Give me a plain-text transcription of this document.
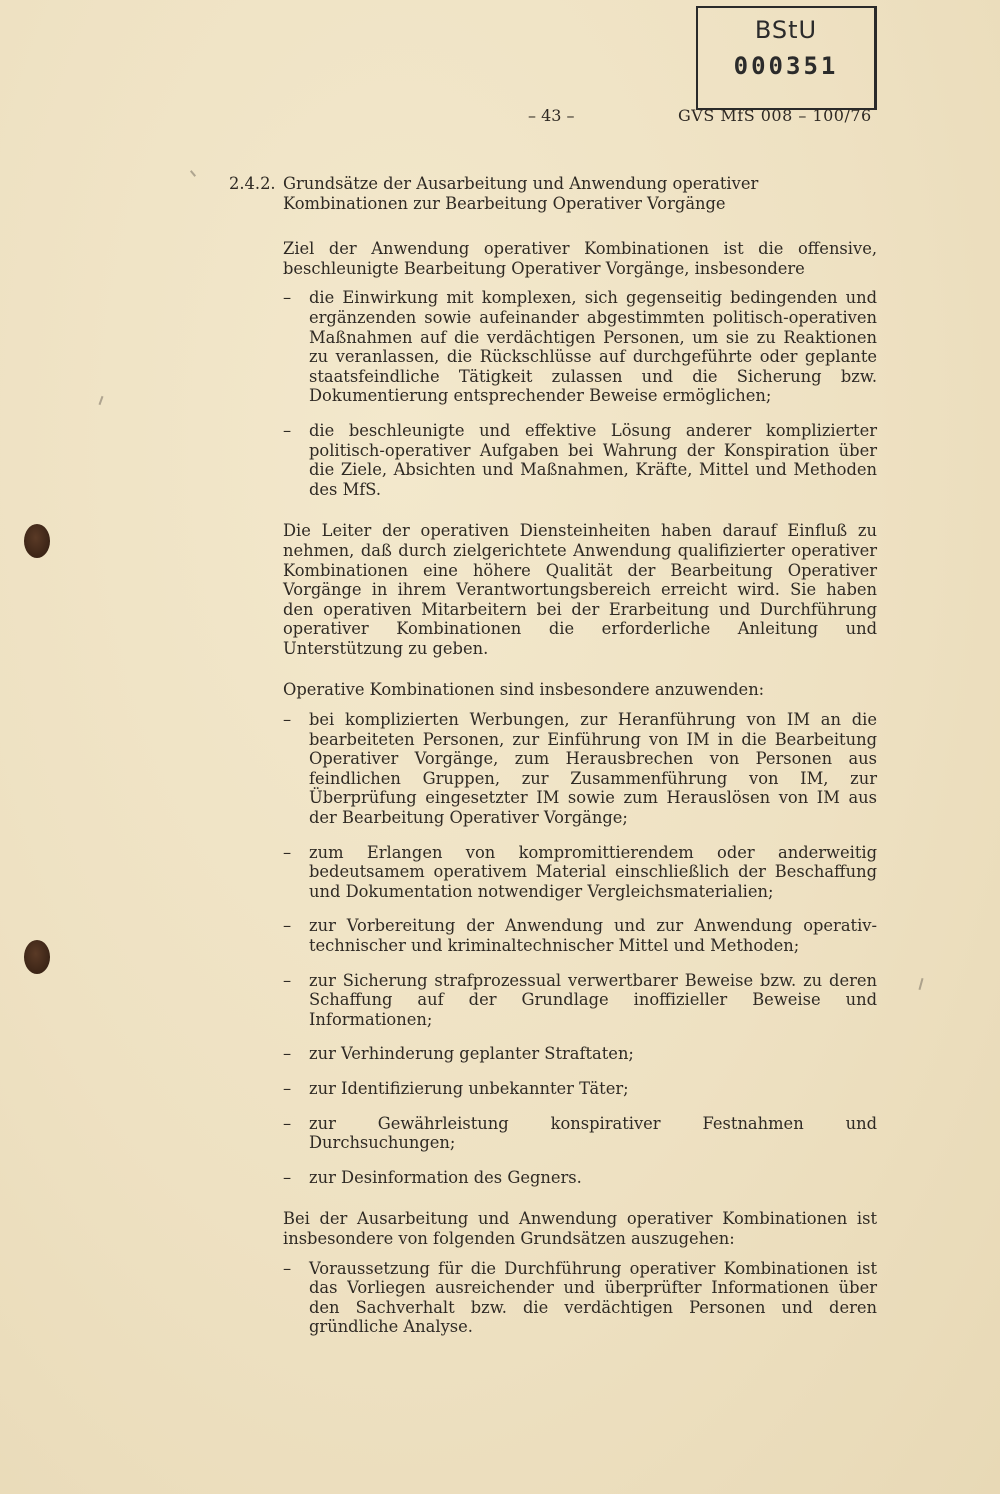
BStU
000351
– 43 –	GVS MfS 008 – 100/76
2.4.2. Grundsätze der Ausarbeitung und Anwendung operativer Kombinationen zur Bearbeitung Operativer Vorgänge

Ziel der Anwendung operativer Kombinationen ist die offensive, beschleunigte Bearbeitung Operativer Vorgänge, insbesondere

–	die Einwirkung mit komplexen, sich gegenseitig bedingenden und ergänzenden sowie aufeinander abgestimmten politisch-operativen Maßnahmen auf die verdächtigen Personen, um sie zu Reaktionen zu veranlassen, die Rückschlüsse auf durchgeführte oder geplante staatsfeindliche Tätigkeit zulassen und die Sicherung bzw. Dokumentierung entsprechender Beweise ermöglichen;
–	die beschleunigte und effektive Lösung anderer komplizierter politisch-operativer Aufgaben bei Wahrung der Konspiration über die Ziele, Absichten und Maßnahmen, Kräfte, Mittel und Methoden des MfS.

Die Leiter der operativen Diensteinheiten haben darauf Einfluß zu nehmen, daß durch zielgerichtete Anwendung qualifizierter operativer Kombinationen eine höhere Qualität der Bearbeitung Operativer Vorgänge in ihrem Verantwortungsbereich erreicht wird. Sie haben den operativen Mitarbeitern bei der Erarbeitung und Durchführung operativer Kombinationen die erforderliche Anleitung und Unterstützung zu geben.

Operative Kombinationen sind insbesondere anzuwenden:

–	bei komplizierten Werbungen, zur Heranführung von IM an die bearbeiteten Personen, zur Einführung von IM in die Bearbeitung Operativer Vorgänge, zum Herausbrechen von Personen aus feindlichen Gruppen, zur Zusammenführung von IM, zur Überprüfung eingesetzter IM sowie zum Herauslösen von IM aus der Bearbeitung Operativer Vorgänge;
–	zum Erlangen von kompromittierendem oder anderweitig bedeutsamem operativem Material einschließlich der Beschaffung und Dokumentation notwendiger Vergleichsmaterialien;
–	zur Vorbereitung der Anwendung und zur Anwendung operativ-technischer und kriminaltechnischer Mittel und Methoden;
–	zur Sicherung strafprozessual verwertbarer Beweise bzw. zu deren Schaffung auf der Grundlage inoffizieller Beweise und Informationen;
–	zur Verhinderung geplanter Straftaten;
–	zur Identifizierung unbekannter Täter;
–	zur Gewährleistung konspirativer Festnahmen und Durchsuchungen;
–	zur Desinformation des Gegners.

Bei der Ausarbeitung und Anwendung operativer Kombinationen ist insbesondere von folgenden Grundsätzen auszugehen:

–	Voraussetzung für die Durchführung operativer Kombinationen ist das Vorliegen ausreichender und überprüfter Informationen über den Sachverhalt bzw. die verdächtigen Personen und deren gründliche Analyse.
